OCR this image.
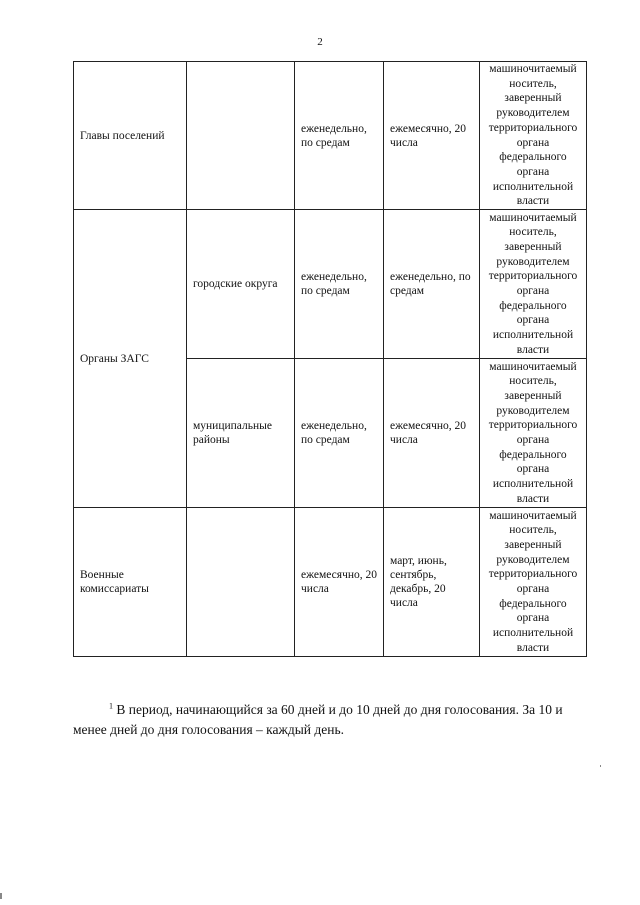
2
Главы поселений		еженедельно, по средам	ежемесячно, 20 числа	машиночитаемый носитель, заверенный руководителем территориального органа федерального органа исполнительной власти
Органы ЗАГС	городские округа	еженедельно, по средам	еженедельно, по средам	машиночитаемый носитель, заверенный руководителем территориального органа федерального органа исполнительной власти
	муниципальные районы	еженедельно, по средам	ежемесячно, 20 числа	машиночитаемый носитель, заверенный руководителем территориального органа федерального органа исполнительной власти
Военные комиссариаты		ежемесячно, 20 числа	март, июнь, сентябрь, декабрь, 20 числа	машиночитаемый носитель, заверенный руководителем территориального органа федерального органа исполнительной власти
$^1$ В период, начинающийся за 60 дней и до 10 дней до дня голосования. За 10 и менее дней до дня голосования – каждый день.
